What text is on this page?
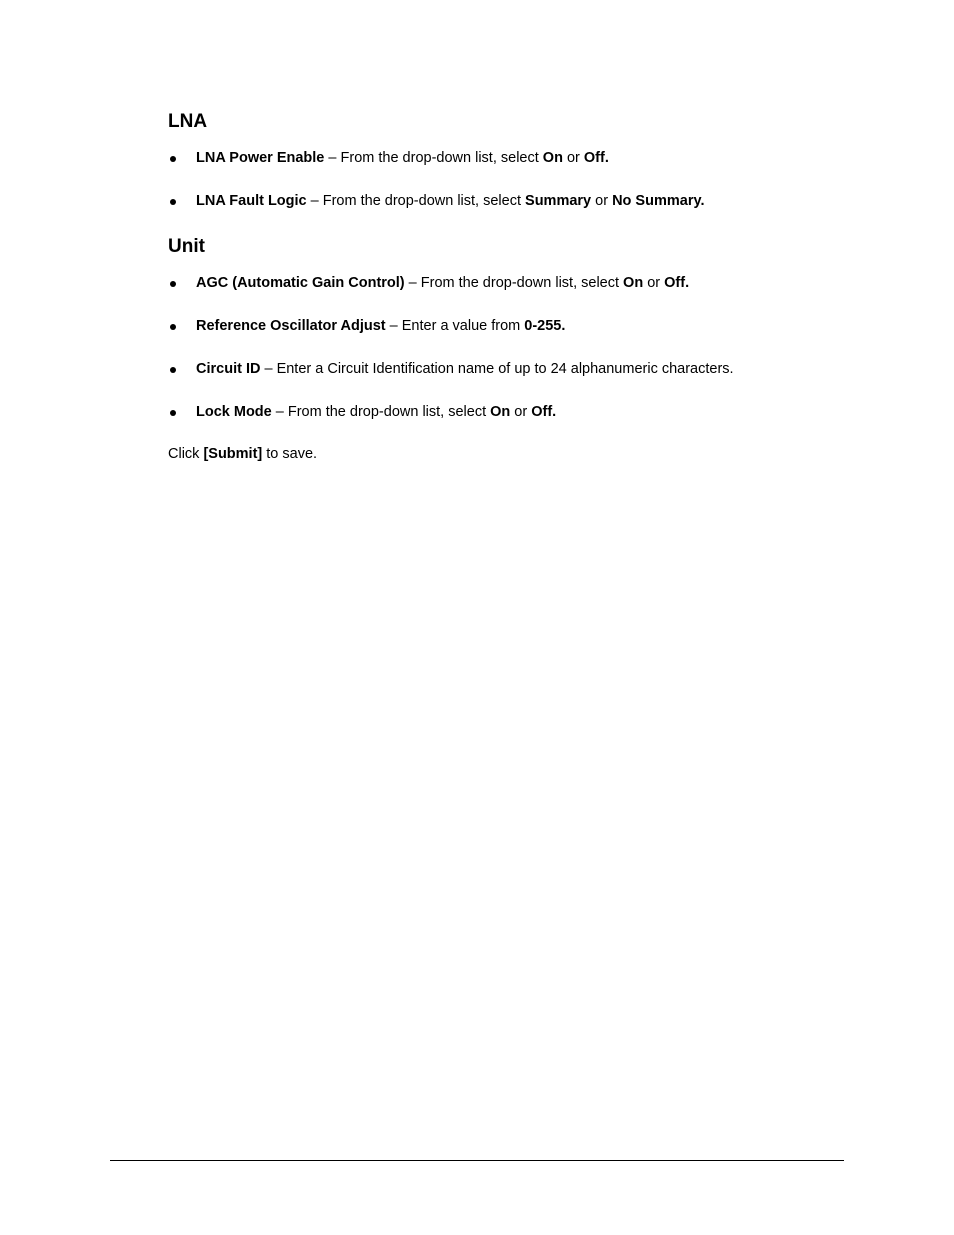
LNA
LNA Power Enable – From the drop-down list, select On or Off.
LNA Fault Logic – From the drop-down list, select Summary or No Summary.
Unit
AGC (Automatic Gain Control) – From the drop-down list, select On or Off.
Reference Oscillator Adjust – Enter a value from 0-255.
Circuit ID – Enter a Circuit Identification name of up to 24 alphanumeric characters.
Lock Mode – From the drop-down list, select On or Off.

Click [Submit] to save.
